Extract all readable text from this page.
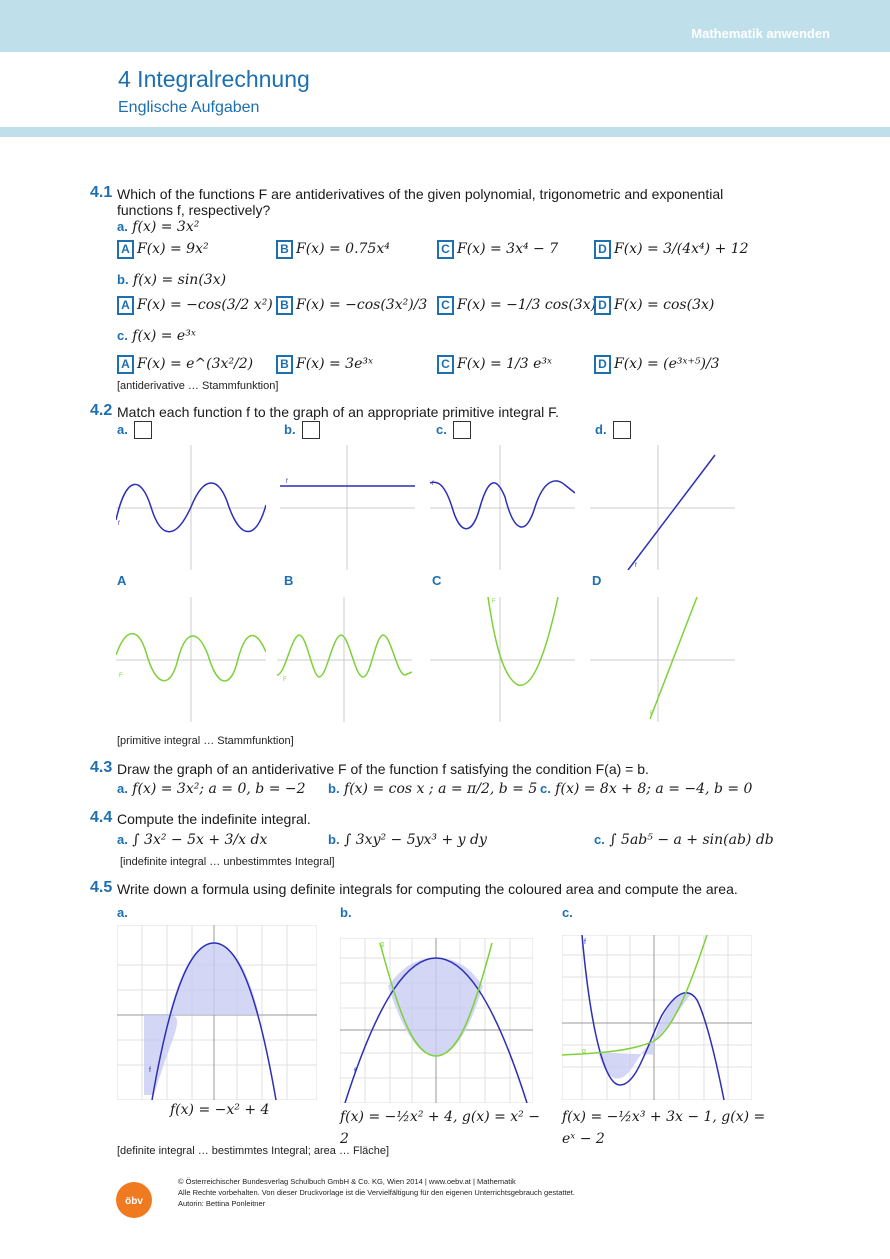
Mathematik anwenden
4 Integralrechnung
Englische Aufgaben
4.1 Which of the functions F are antiderivatives of the given polynomial, trigonometric and exponential functions f, respectively?
a. f(x) = 3x²
A F(x) = 9x²	B F(x) = 0.75x⁴	C F(x) = 3x⁴ − 7	D F(x) = 3/(4x⁴) + 12
b. f(x) = sin(3x)
A F(x) = −cos(3/2 x²) B F(x) = −cos(3x²)/3	C F(x) = −1/3 cos(3x) D F(x) = cos(3x)
c. f(x) = e³ˣ
A F(x) = e^(3x²/2)	B F(x) = 3e³ˣ	C F(x) = 1/3 e³ˣ	D F(x) = (e³ˣ⁺⁵)/3
[antiderivative … Stammfunktion]
4.2 Match each function f to the graph of an appropriate primitive integral F.
a.	b.	c.	d.
f
f	f
f
A	B	C	D
F
F
F
F
[primitive integral … Stammfunktion]
4.3 Draw the graph of an antiderivative F of the function f satisfying the condition F(a) = b.
a. f(x) = 3x²; a = 0, b = −2 b. f(x) = cos x ; a = π/2, b = 5 c. f(x) = 8x + 8; a = −4, b = 0
4.4 Compute the indefinite integral.
a. ∫ 3x² − 5x + 3/x dx	b. ∫ 3xy² − 5yx³ + y dy	c. ∫ 5ab⁵ − a + sin(ab) db
[indefinite integral … unbestimmtes Integral]
4.5 Write down a formula using definite integrals for computing the coloured area and compute the area.
a.	b.	c.
f
g
f
f
g
f(x) = −x² + 4	f(x) = −½x² + 4, g(x) = x² − 2
f(x) = −½x³ + 3x − 1, g(x) = eˣ − 2
[definite integral … bestimmtes Integral; area … Fläche]
öbv
© Österreichischer Bundesverlag Schulbuch GmbH & Co. KG, Wien 2014 | www.oebv.at | Mathematik
Alle Rechte vorbehalten. Von dieser Druckvorlage ist die Vervielfältigung für den eigenen Unterrichtsgebrauch gestattet.
Autorin: Bettina Ponleitner
